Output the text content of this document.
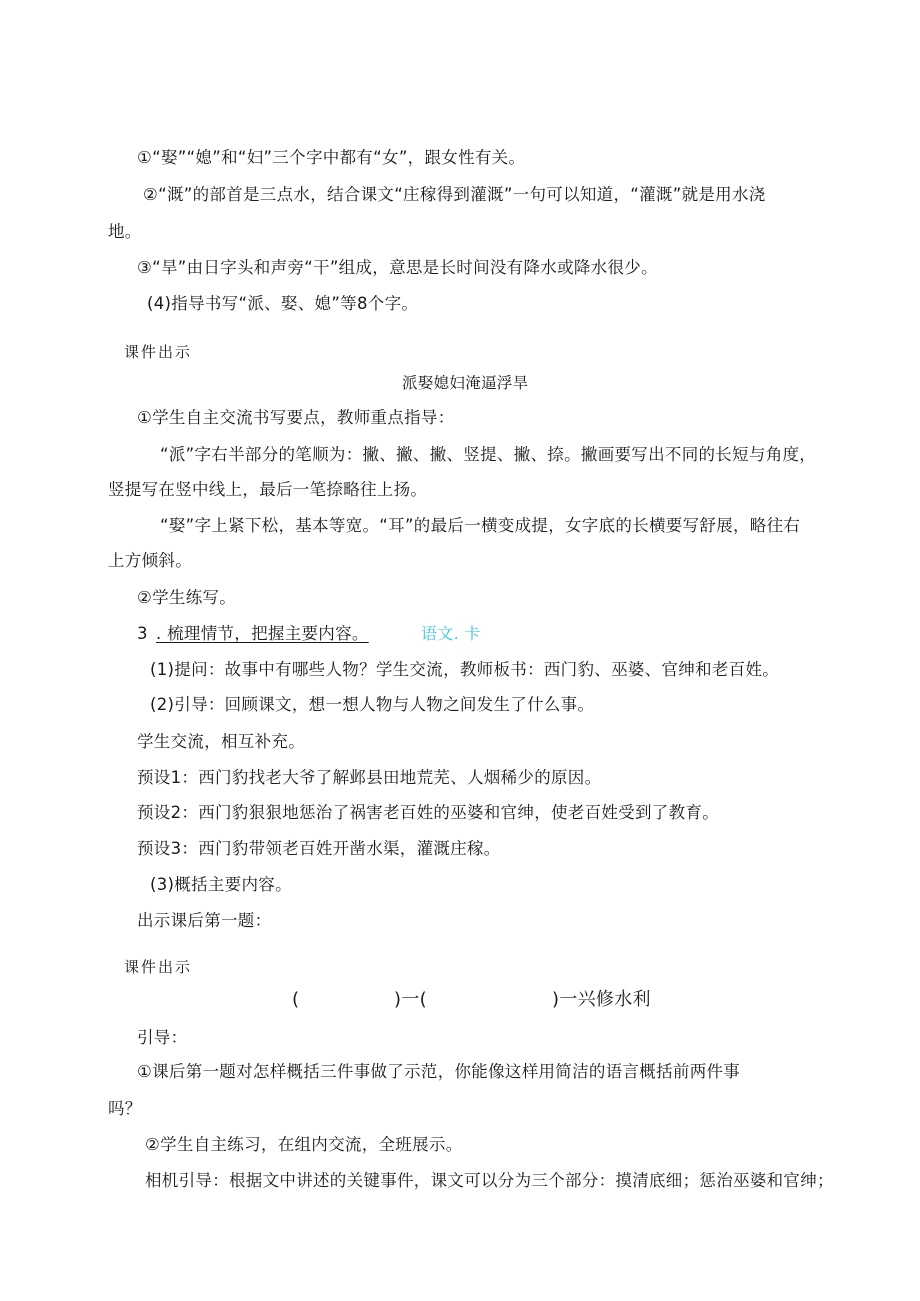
①“娶”“媳”和“妇”三个字中都有“女”，跟女性有关。
②“溉”的部首是三点水，结合课文“庄稼得到灌溉”一句可以知道，“灌溉”就是用水浇
地。
③“旱”由日字头和声旁“干”组成，意思是长时间没有降水或降水很少。
(4)指导书写“派、娶、媳”等8个字。
课件出示
派娶媳妇淹逼浮旱
①学生自主交流书写要点，教师重点指导：
“派”字右半部分的笔顺为：撇、撇、撇、竖提、撇、捺。撇画要写出不同的长短与角度，
竖提写在竖中线上，最后一笔捺略往上扬。
“娶”字上紧下松，基本等宽。“耳”的最后一横变成提，女字底的长横要写舒展，略往右
上方倾斜。
②学生练写。
3 . 梳理情节，把握主要内容。	语文. 卡
(1)提问：故事中有哪些人物？学生交流，教师板书：西门豹、巫婆、官绅和老百姓。
(2)引导：回顾课文，想一想人物与人物之间发生了什么事。
学生交流，相互补充。
预设1：西门豹找老大爷了解邺县田地荒芜、人烟稀少的原因。
预设2：西门豹狠狠地惩治了祸害老百姓的巫婆和官绅，使老百姓受到了教育。
预设3：西门豹带领老百姓开凿水渠，灌溉庄稼。
(3)概括主要内容。
出示课后第一题：
课件出示
(	)一(	)一兴修水利
引导：
①课后第一题对怎样概括三件事做了示范，你能像这样用简洁的语言概括前两件事
吗？
②学生自主练习，在组内交流，全班展示。
相机引导：根据文中讲述的关键事件，课文可以分为三个部分：摸清底细；惩治巫婆和官绅；
